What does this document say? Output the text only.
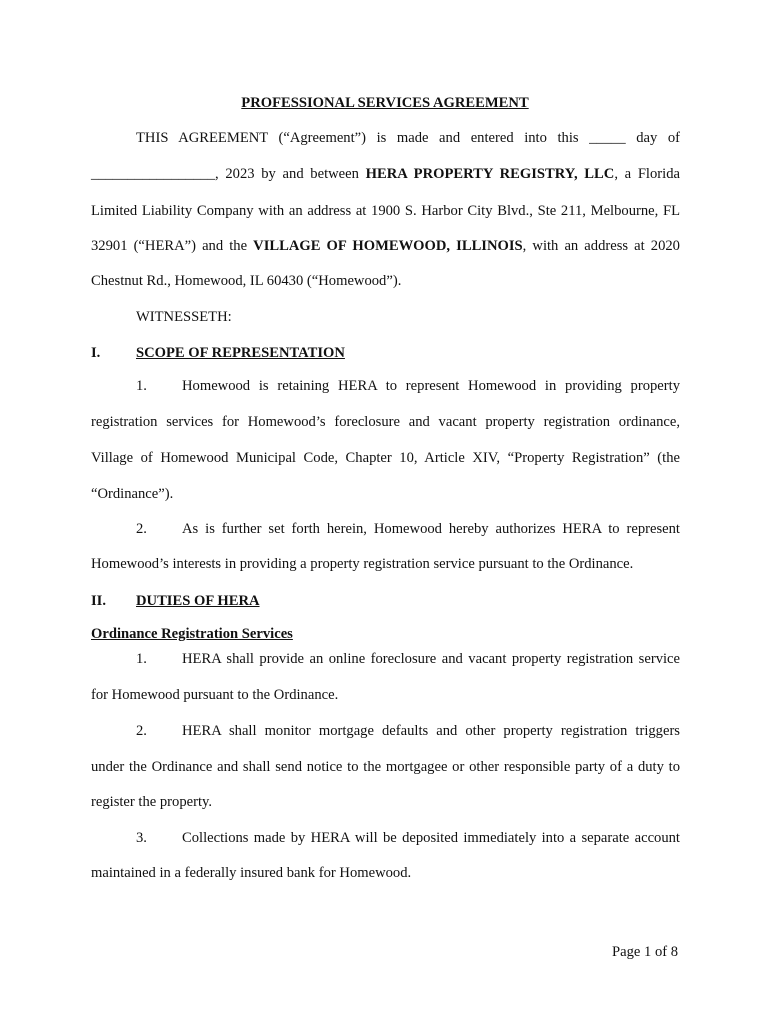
PROFESSIONAL SERVICES AGREEMENT
THIS AGREEMENT (“Agreement”) is made and entered into this _____ day of
_________________, 2023 by and between HERA PROPERTY REGISTRY, LLC, a Florida
Limited Liability Company with an address at 1900 S. Harbor City Blvd., Ste 211, Melbourne, FL
32901 (“HERA”) and the VILLAGE OF HOMEWOOD, ILLINOIS, with an address at 2020
Chestnut Rd., Homewood, IL 60430 (“Homewood”).
WITNESSETH:
I. SCOPE OF REPRESENTATION
1. Homewood is retaining HERA to represent Homewood in providing property
registration services for Homewood’s foreclosure and vacant property registration ordinance,
Village of Homewood Municipal Code, Chapter 10, Article XIV, “Property Registration” (the
“Ordinance”).
2. As is further set forth herein, Homewood hereby authorizes HERA to represent
Homewood’s interests in providing a property registration service pursuant to the Ordinance.
II. DUTIES OF HERA
Ordinance Registration Services
1. HERA shall provide an online foreclosure and vacant property registration service
for Homewood pursuant to the Ordinance.
2. HERA shall monitor mortgage defaults and other property registration triggers
under the Ordinance and shall send notice to the mortgagee or other responsible party of a duty to
register the property.
3. Collections made by HERA will be deposited immediately into a separate account
maintained in a federally insured bank for Homewood.
Page 1 of 8
